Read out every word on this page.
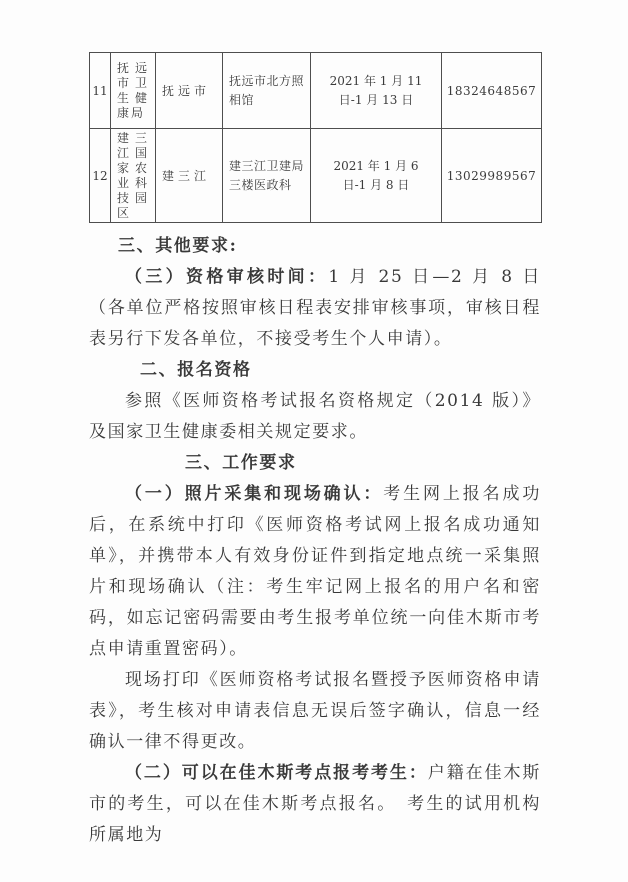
11	抚远市卫生健康局	抚远市	抚远市北方照相馆	2021 年 1 月 11 日-1 月 13 日	18324648567
12	建三江国家农业科技园区	建三江	建三江卫建局三楼医政科	2021 年 1 月 6 日-1 月 8 日	13029989567

三、其他要求:

（三）资格审核时间：1 月 25 日—2 月 8 日（各单位严格按照审核日程表安排审核事项，审核日程表另行下发各单位，不接受考生个人申请）。

二、报名资格

参照《医师资格考试报名资格规定（2014 版）》及国家卫生健康委相关规定要求。

三、工作要求

（一）照片采集和现场确认：考生网上报名成功后，在系统中打印《医师资格考试网上报名成功通知单》，并携带本人有效身份证件到指定地点统一采集照片和现场确认（注：考生牢记网上报名的用户名和密码，如忘记密码需要由考生报考单位统一向佳木斯市考点申请重置密码）。

现场打印《医师资格考试报名暨授予医师资格申请表》，考生核对申请表信息无误后签字确认，信息一经确认一律不得更改。

（二）可以在佳木斯考点报考考生：户籍在佳木斯市的考生，可以在佳木斯考点报名。　考生的试用机构所属地为
